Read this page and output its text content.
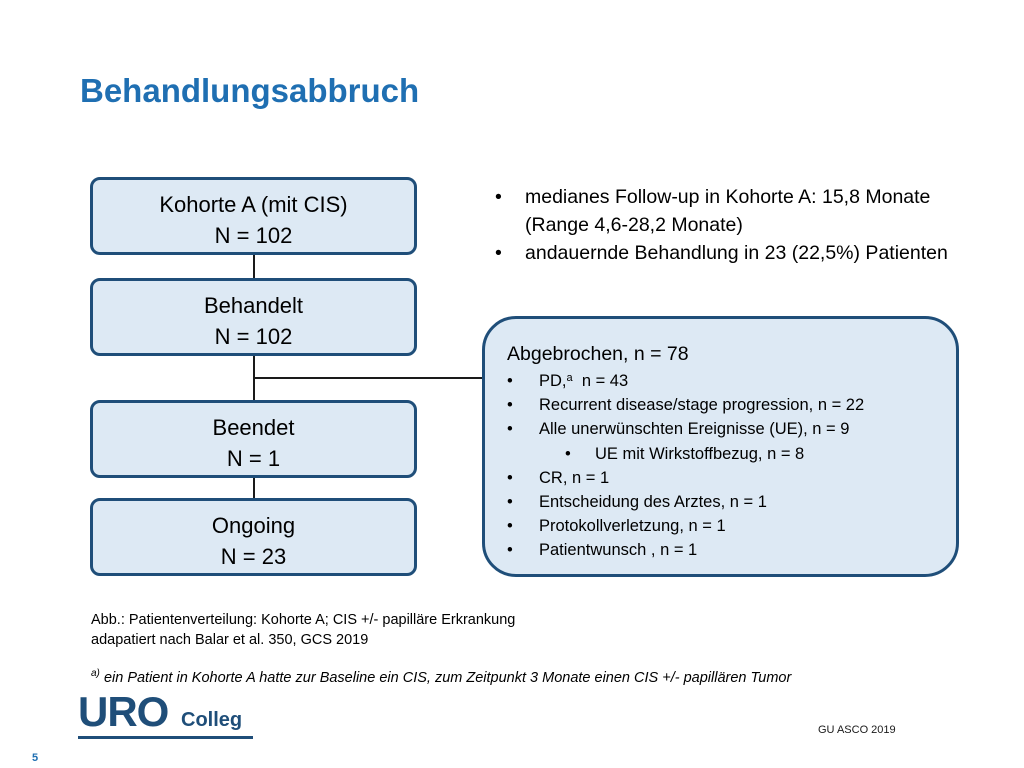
Behandlungsabbruch
Kohorte A (mit CIS)
N = 102
Behandelt
N = 102
Beendet
N = 1
Ongoing
N = 23
• medianes Follow-up in Kohorte A: 15,8 Monate (Range 4,6-28,2 Monate)
• andauernde Behandlung in 23 (22,5%) Patienten

Abgebrochen, n = 78

• PD,$^a$ n = 43
• Recurrent disease/stage progression, n = 22
• Alle unerwünschten Ereignisse (UE), n = 9
• UE mit Wirkstoffbezug, n = 8
• CR, n = 1
• Entscheidung des Arztes, n = 1
• Protokollverletzung, n = 1
• Patientwunsch , n = 1
Abb.: Patientenverteilung: Kohorte A; CIS +/- papilläre Erkrankung
adapatiert nach Balar et al. 350, GCS 2019

$^{a)}$ ein Patient in Kohorte A hatte zur Baseline ein CIS, zum Zeitpunkt 3 Monate einen CIS +/- papillären Tumor

URO Colleg	GU ASCO 2019

5
